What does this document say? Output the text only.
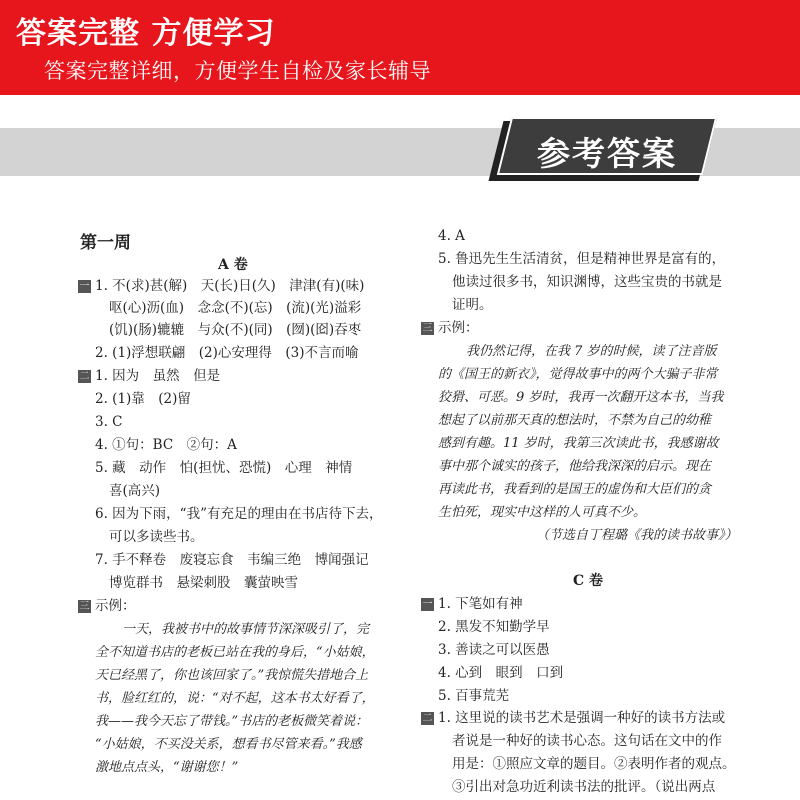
答案完整 方便学习
答案完整详细，方便学生自检及家长辅导
参考答案
第一周
A 卷
一 1. 不(求)甚(解)　天(长)日(久)　津津(有)(味)
呕(心)沥(血)　念念(不)(忘)　(流)(光)溢彩
(饥)(肠)辘辘　与众(不)(同)　(囫)(囵)吞枣
2. (1)浮想联翩　(2)心安理得　(3)不言而喻
二 1. 因为　虽然　但是
2. (1)靠　(2)留
3. C
4. ①句：BC　②句：A
5. 藏　动作　怕(担忧、恐慌)　心理　神情
喜(高兴)
6. 因为下雨，“我”有充足的理由在书店待下去，
可以多读些书。
7. 手不释卷　废寝忘食　韦编三绝　博闻强记
博览群书　悬梁刺股　囊萤映雪
三 示例：
一天，我被书中的故事情节深深吸引了，完
全不知道书店的老板已站在我的身后，“小姑娘，
天已经黑了，你也该回家了。”我惊慌失措地合上
书，脸红红的，说：“对不起，这本书太好看了，
我——我今天忘了带钱。”书店的老板微笑着说：
“小姑娘，不买没关系，想看书尽管来看。”我感
激地点点头，“谢谢您！”
4. A
5. 鲁迅先生生活清贫，但是精神世界是富有的，
他读过很多书，知识渊博，这些宝贵的书就是
证明。
三 示例：
我仍然记得，在我 7 岁的时候，读了注音版
的《国王的新衣》，觉得故事中的两个大骗子非常
狡猾、可恶。9 岁时，我再一次翻开这本书，当我
想起了以前那天真的想法时，不禁为自己的幼稚
感到有趣。11 岁时，我第三次读此书，我感谢故
事中那个诚实的孩子，他给我深深的启示。现在
再读此书，我看到的是国王的虚伪和大臣们的贪
生怕死，现实中这样的人可真不少。
（节选自丁程璐《我的读书故事》）
C 卷
一 1. 下笔如有神
2. 黑发不知勤学早
3. 善读之可以医愚
4. 心到　眼到　口到
5. 百事荒芜
二 1. 这里说的读书艺术是强调一种好的读书方法或
者说是一种好的读书心态。这句话在文中的作
用是：①照应文章的题目。②表明作者的观点。
③引出对急功近利读书法的批评。（说出两点
